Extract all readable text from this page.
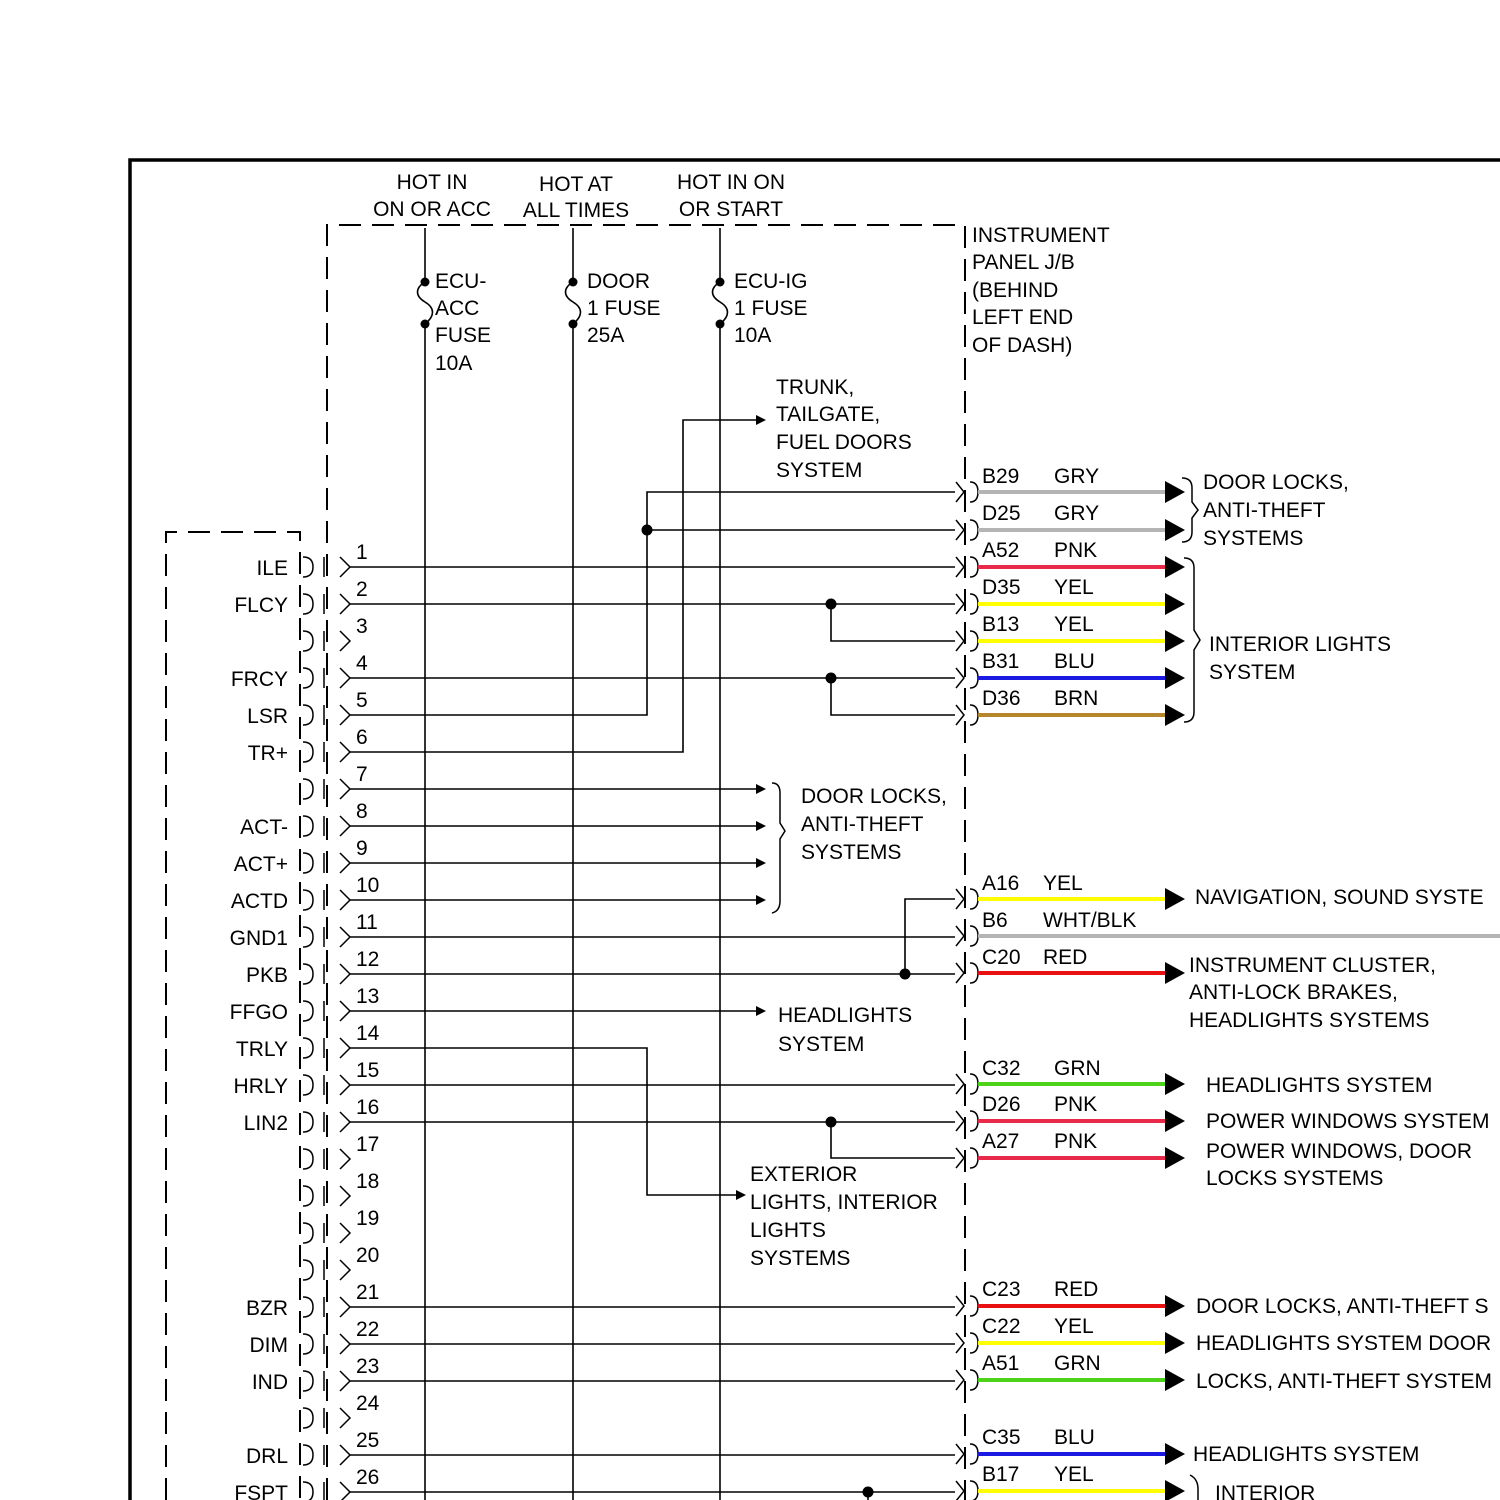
HOT IN
ON OR ACC
HOT AT
ALL TIMES
HOT IN ON
OR START
ECU-
ACC
FUSE
10A
DOOR
1 FUSE
25A
ECU-IG
1 FUSE
10A
INSTRUMENT
PANEL J/B
(BEHIND
LEFT END
OF DASH)
TRUNK,
TAILGATE,
FUEL DOORS
SYSTEM
DOOR LOCKS,
ANTI-THEFT
SYSTEMS
HEADLIGHTS
SYSTEM
EXTERIOR
LIGHTS, INTERIOR
LIGHTS
SYSTEMS
DOOR LOCKS,
ANTI-THEFT
SYSTEMS
INTERIOR LIGHTS
SYSTEM
NAVIGATION, SOUND SYSTE
INSTRUMENT CLUSTER,
ANTI-LOCK BRAKES,
HEADLIGHTS SYSTEMS
HEADLIGHTS SYSTEM
POWER WINDOWS SYSTEM
POWER WINDOWS, DOOR
LOCKS SYSTEMS
DOOR LOCKS, ANTI-THEFT S
HEADLIGHTS SYSTEM DOOR
LOCKS, ANTI-THEFT SYSTEM
HEADLIGHTS SYSTEM
INTERIOR
ILE
1
FLCY
2
3
FRCY
4
LSR
5
TR+
6
7
ACT-
8
ACT+
9
ACTD
10
GND1
11
PKB
12
FFGO
13
TRLY
14
HRLY
15
LIN2
16
17
18
19
20
BZR
21
DIM
22
IND
23
24
DRL
25
FSPT
26
B29 GRY
D25 GRY
A52 PNK
D35 YEL
B13 YEL
B31 BLU
D36 BRN
A16 YEL
B6 WHT/BLK
C20 RED
C32 GRN
D26 PNK
A27 PNK
C23 RED
C22 YEL
A51 GRN
C35 BLU
B17 YEL
